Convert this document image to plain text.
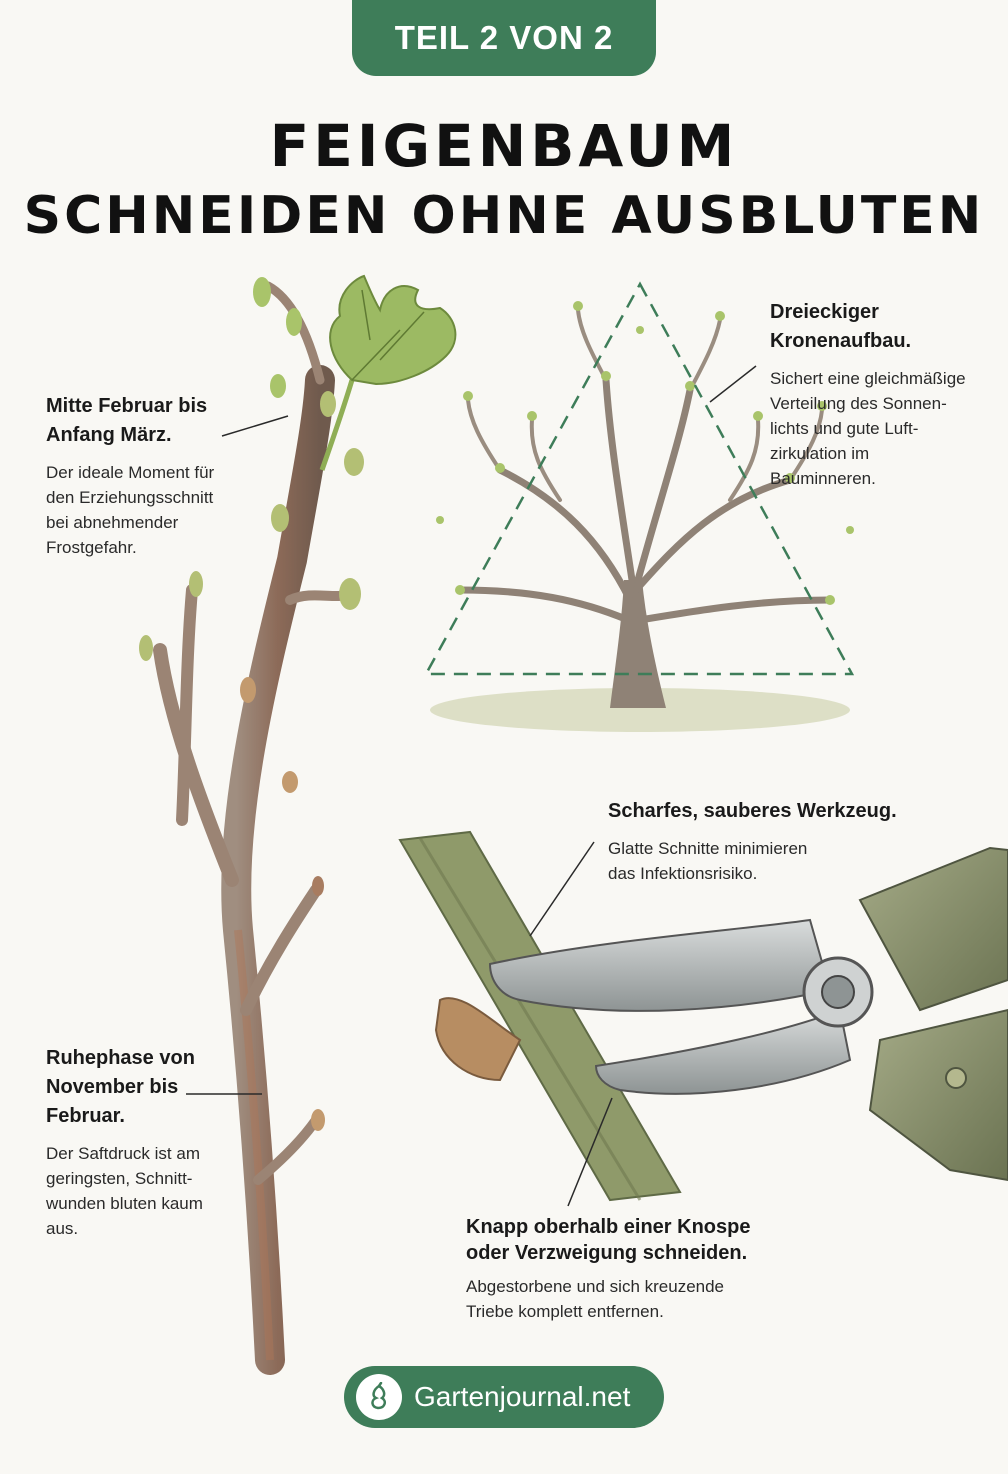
TEIL 2 VON 2
FEIGENBAUM
SCHNEIDEN OHNE AUSBLUTEN
Mitte Februar bis
Anfang März.

Der ideale Moment für
den Erziehungsschnitt
bei abnehmender
Frostgefahr.

Dreieckiger
Kronenaufbau.

Sichert eine gleichmäßige
Verteilung des Sonnen-
lichts und gute Luft-
zirkulation im
Bauminneren.

Scharfes, sauberes Werkzeug.

Glatte Schnitte minimieren
das Infektionsrisiko.

Ruhephase von
November bis
Februar.

Der Saftdruck ist am
geringsten, Schnitt-
wunden bluten kaum
aus.	Knapp oberhalb einer Knospe
oder Verzweigung schneiden.

Abgestorbene und sich kreuzende
Triebe komplett entfernen.

Gartenjournal.net
